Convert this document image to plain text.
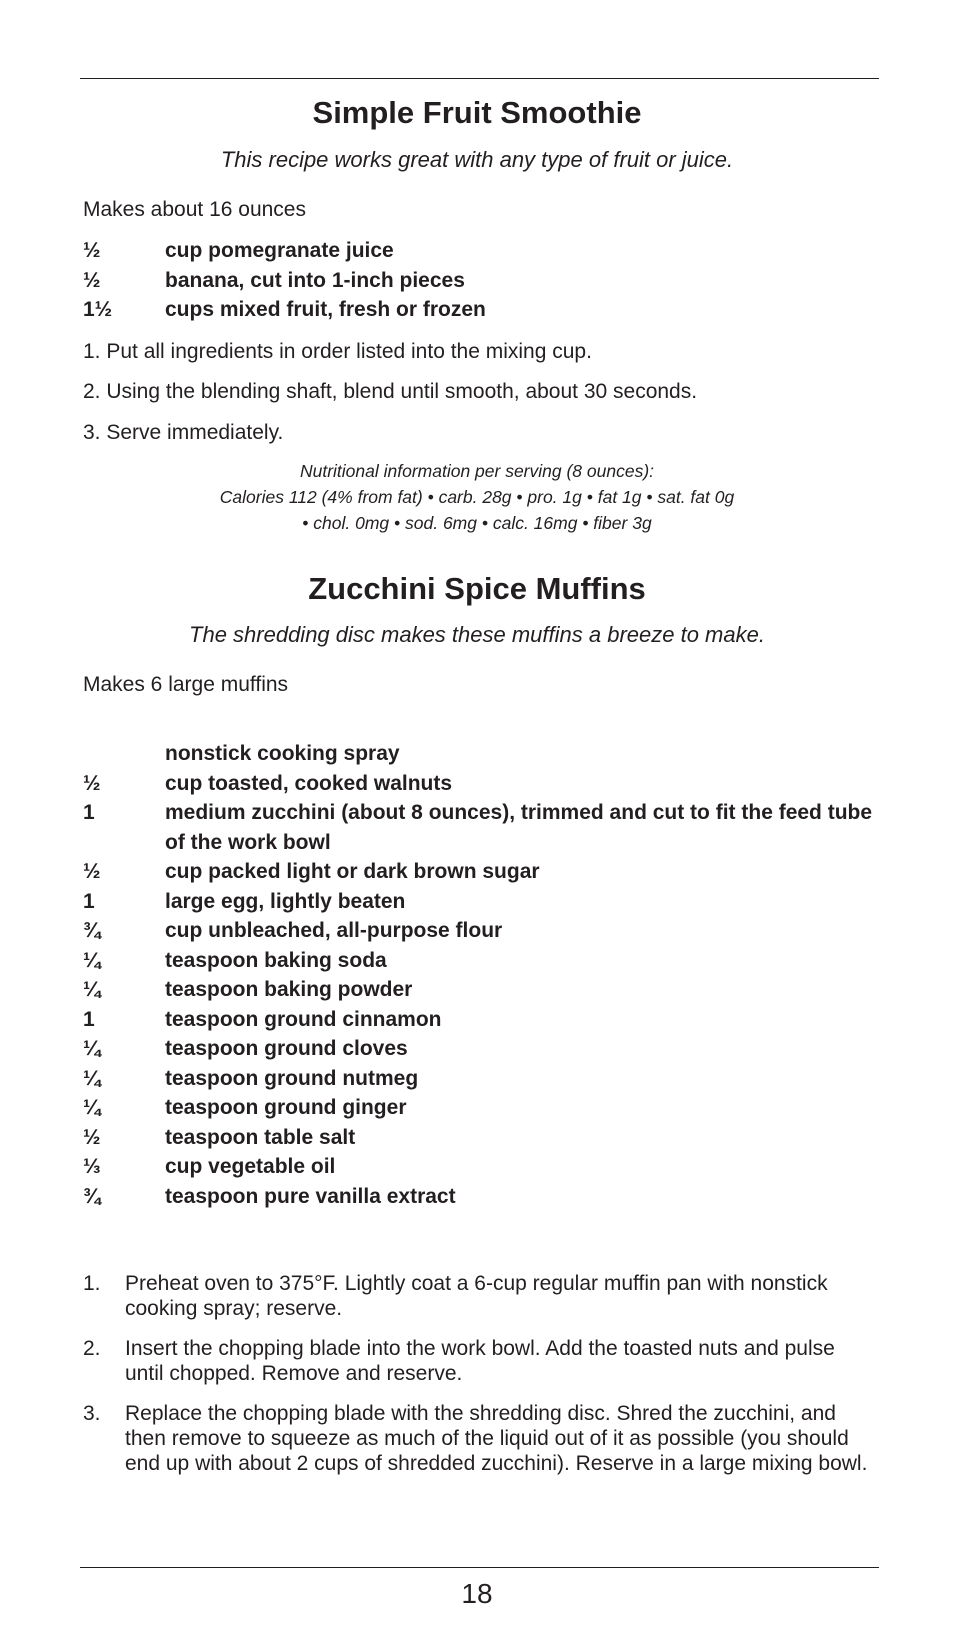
Simple Fruit Smoothie
This recipe works great with any type of fruit or juice.
Makes about 16 ounces
½	cup pomegranate juice
½	banana, cut into 1-inch pieces
1½	cups mixed fruit, fresh or frozen
1. Put all ingredients in order listed into the mixing cup.
2. Using the blending shaft, blend until smooth, about 30 seconds.
3. Serve immediately.
Nutritional information per serving (8 ounces):
Calories 112 (4% from fat) • carb. 28g • pro. 1g • fat 1g • sat. fat 0g
• chol. 0mg • sod. 6mg • calc. 16mg • fiber 3g
Zucchini Spice Muffins
The shredding disc makes these muffins a breeze to make.
Makes 6 large muffins
nonstick cooking spray
½	cup toasted, cooked walnuts
1	medium zucchini (about 8 ounces), trimmed and cut to fit the feed tube of the work bowl
½	cup packed light or dark brown sugar
1	large egg, lightly beaten
¾	cup unbleached, all-purpose flour
¼	teaspoon baking soda
¼	teaspoon baking powder
1	teaspoon ground cinnamon
¼	teaspoon ground cloves
¼	teaspoon ground nutmeg
¼	teaspoon ground ginger
½	teaspoon table salt
⅓	cup vegetable oil
¾	teaspoon pure vanilla extract
1.	Preheat oven to 375°F. Lightly coat a 6-cup regular muffin pan with nonstick cooking spray; reserve.
2.	Insert the chopping blade into the work bowl. Add the toasted nuts and pulse until chopped. Remove and reserve.
3.	Replace the chopping blade with the shredding disc. Shred the zucchini, and then remove to squeeze as much of the liquid out of it as possible (you should end up with about 2 cups of shredded zucchini). Reserve in a large mixing bowl.
18
